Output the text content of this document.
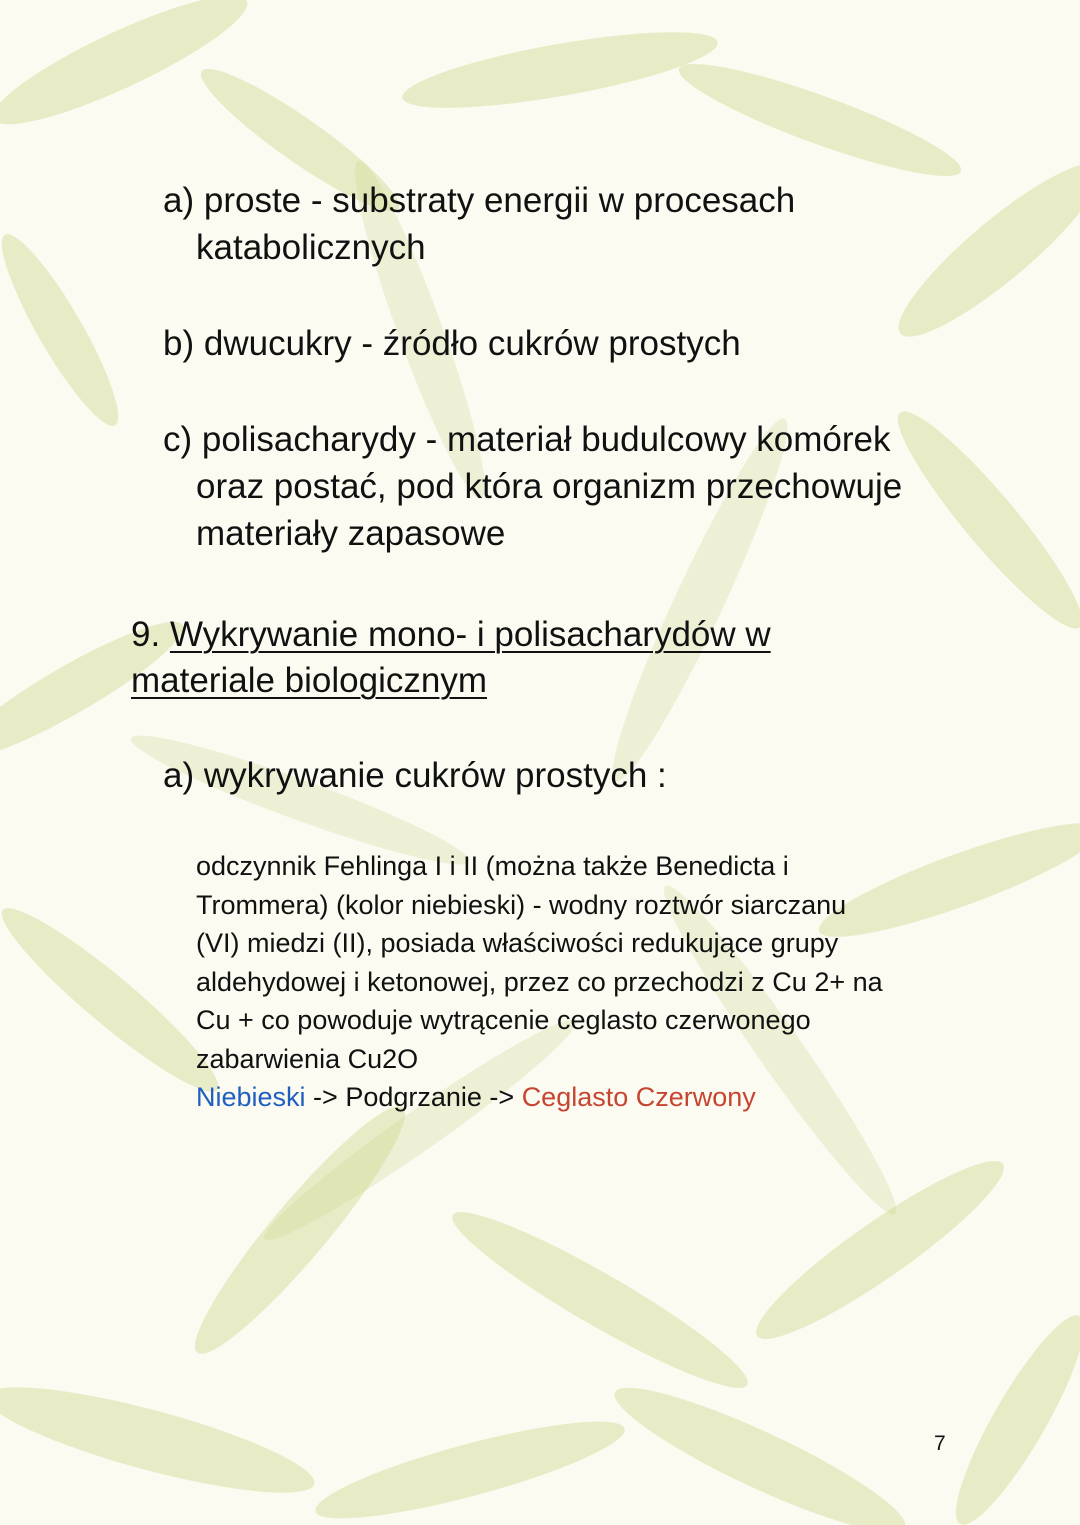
a) proste - substraty energii w procesach
katabolicznych

b) dwucukry - źródło cukrów prostych

c) polisacharydy - materiał budulcowy komórek
oraz postać, pod która organizm przechowuje
materiały zapasowe

9. Wykrywanie mono- i polisacharydów w
materiale biologicznym

a) wykrywanie cukrów prostych :

odczynnik Fehlinga I i II (można także Benedicta i
Trommera) (kolor niebieski) - wodny roztwór siarczanu
(VI) miedzi (II), posiada właściwości redukujące grupy
aldehydowej i ketonowej, przez co przechodzi z Cu 2+ na
Cu + co powoduje wytrącenie ceglasto czerwonego
zabarwienia Cu2O
Niebieski -> Podgrzanie -> Ceglasto Czerwony

7
